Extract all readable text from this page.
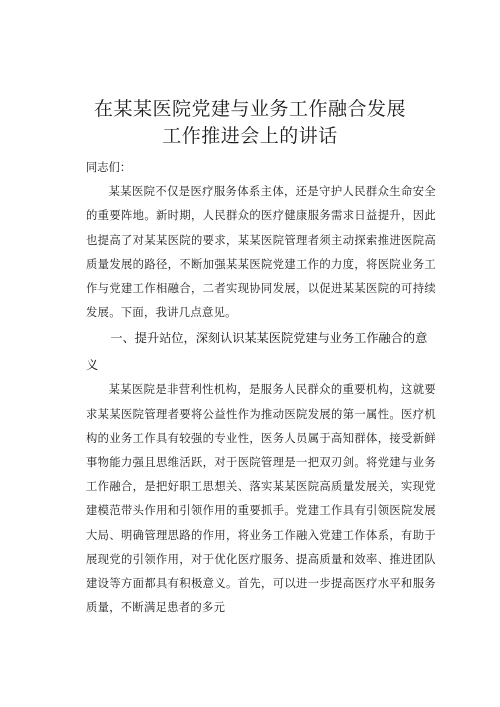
在某某医院党建与业务工作融合发展
工作推进会上的讲话
同志们：

某某医院不仅是医疗服务体系主体，还是守护人民群众生命安全的重要阵地。新时期，人民群众的医疗健康服务需求日益提升，因此也提高了对某某医院的要求，某某医院管理者须主动探索推进医院高质量发展的路径，不断加强某某医院党建工作的力度，将医院业务工作与党建工作相融合，二者实现协同发展，以促进某某医院的可持续发展。下面，我讲几点意见。

一、提升站位，深刻认识某某医院党建与业务工作融合的意义

某某医院是非营利性机构，是服务人民群众的重要机构，这就要求某某医院管理者要将公益性作为推动医院发展的第一属性。医疗机构的业务工作具有较强的专业性，医务人员属于高知群体，接受新鲜事物能力强且思维活跃，对于医院管理是一把双刃剑。将党建与业务工作融合，是把好职工思想关、落实某某医院高质量发展关，实现党建模范带头作用和引领作用的重要抓手。党建工作具有引领医院发展大局、明确管理思路的作用，将业务工作融入党建工作体系，有助于展现党的引领作用，对于优化医疗服务、提高质量和效率、推进团队建设等方面都具有积极意义。首先，可以进一步提高医疗水平和服务质量，不断满足患者的多元
